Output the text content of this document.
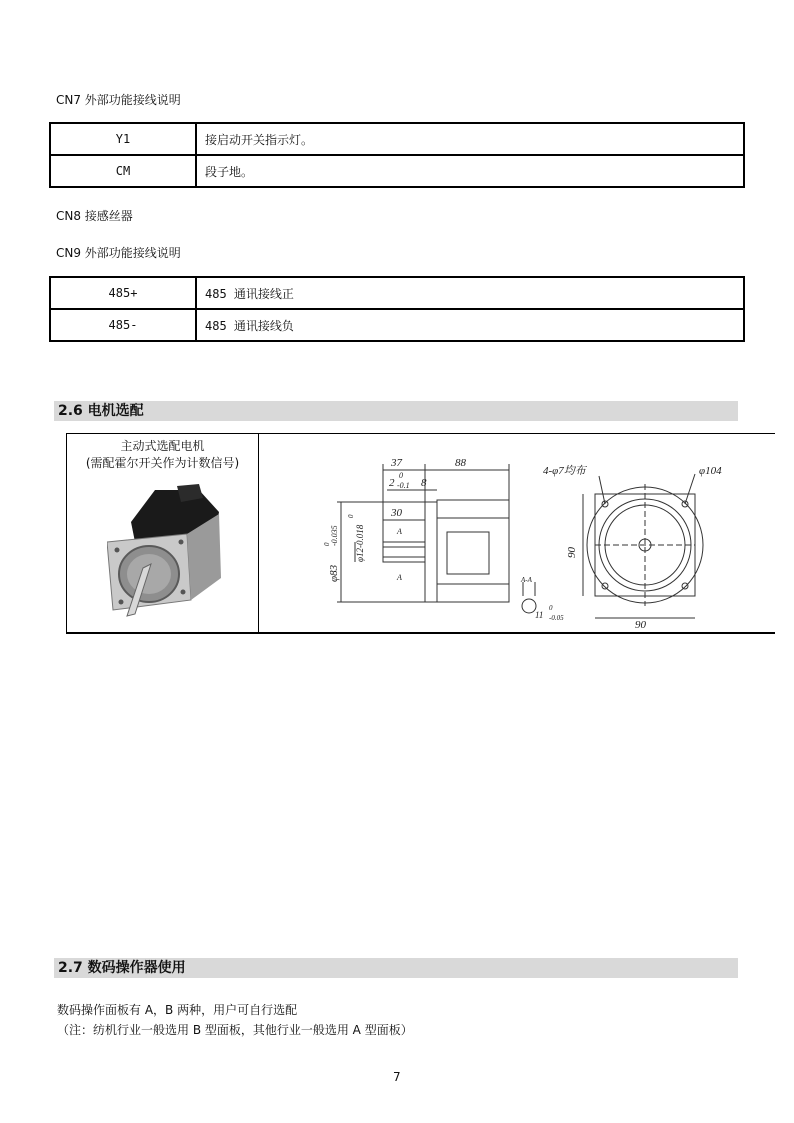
CN7 外部功能接线说明
Y1	接启动开关指示灯。
CM	段子地。
CN8 接感丝器
CN9 外部功能接线说明
485+	485 通讯接线正
485-	485 通讯接线负
2.6 电机选配
主动式选配电机
(需配霍尔开关作为计数信号)	37	88
2
0
-0.1 8
30
A
A
φ12-0.018
0
φ83
-0.035
0
A-A
11
0
-0.05
4-φ7均布	φ104
90
90
2.7 数码操作器使用
数码操作面板有 A，B 两种，用户可自行选配
（注：纺机行业一般选用 B 型面板，其他行业一般选用 A 型面板）
7
